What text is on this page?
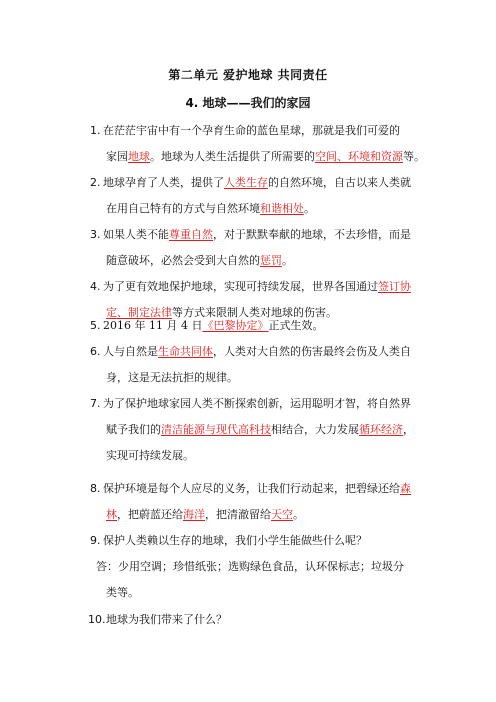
第二单元 爱护地球 共同责任
4. 地球——我们的家园
1. 在茫茫宇宙中有一个孕育生命的蓝色星球，那就是我们可爱的
家园地球。地球为人类生活提供了所需要的空间、环境和资源等。
2. 地球孕育了人类，提供了人类生存的自然环境，自古以来人类就
在用自己特有的方式与自然环境和谐相处。
3. 如果人类不能尊重自然，对于默默奉献的地球，不去珍惜，而是
随意破坏，必然会受到大自然的惩罚。
4. 为了更有效地保护地球，实现可持续发展，世界各国通过签订协
定、制定法律等方式来限制人类对地球的伤害。
5. 2016 年 11 月 4 日《巴黎协定》正式生效。
6. 人与自然是生命共同体，人类对大自然的伤害最终会伤及人类自
身，这是无法抗拒的规律。
7. 为了保护地球家园人类不断探索创新，运用聪明才智，将自然界
赋予我们的清洁能源与现代高科技相结合，大力发展循环经济，
实现可持续发展。
8. 保护环境是每个人应尽的义务，让我们行动起来，把碧绿还给森
林，把蔚蓝还给海洋，把清澈留给天空。
9. 保护人类赖以生存的地球，我们小学生能做些什么呢？
答：少用空调；珍惜纸张；选购绿色食品，认环保标志；垃圾分
类等。
10. 地球为我们带来了什么？
